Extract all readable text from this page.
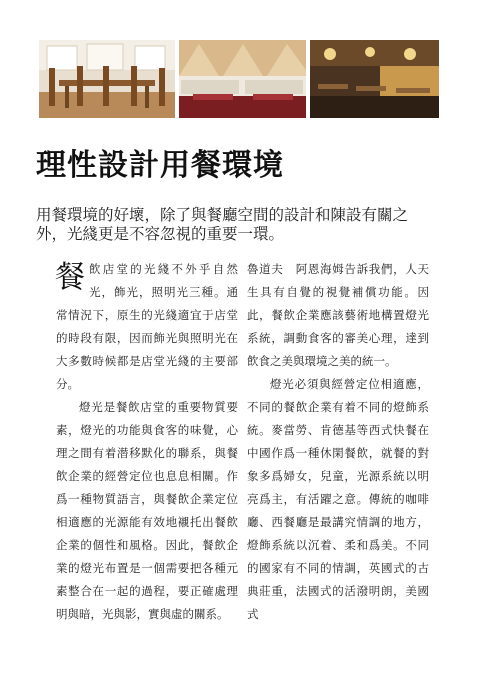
理性設計用餐環境

用餐環境的好壞，除了與餐廳空間的設計和陳設有關之外，光綫更是不容忽視的重要一環。

餐飲店堂的光綫不外乎自然光，飾光，照明光三種。通常情況下，原生的光綫適宜于店堂的時段有限，因而飾光與照明光在大多數時候都是店堂光綫的主要部分。

燈光是餐飲店堂的重要物質要素，燈光的功能與食客的味覺，心理之間有着潜移默化的聯系，與餐飲企業的經營定位也息息相關。作爲一種物質語言，與餐飲企業定位相適應的光源能有效地襯托出餐飲企業的個性和風格。因此，餐飲企業的燈光布置是一個需要把各種元素整合在一起的過程，要正確處理明與暗，光與影，實與虛的關系。

魯道夫　阿恩海姆告訴我們，人天生具有自覺的視覺補償功能。因此，餐飲企業應該藝術地構置燈光系統，調動食客的審美心理，達到飲食之美與環境之美的統一。

燈光必須與經營定位相適應，不同的餐飲企業有着不同的燈飾系統。麥當勞、肯德基等西式快餐在中國作爲一種休閑餐飲，就餐的對象多爲婦女，兒童，光源系統以明亮爲主，有活躍之意。傳統的咖啡廳、西餐廳是最講究情調的地方，燈飾系統以沉着、柔和爲美。不同的國家有不同的情調，英國式的古典莊重，法國式的活潑明朗，美國式
